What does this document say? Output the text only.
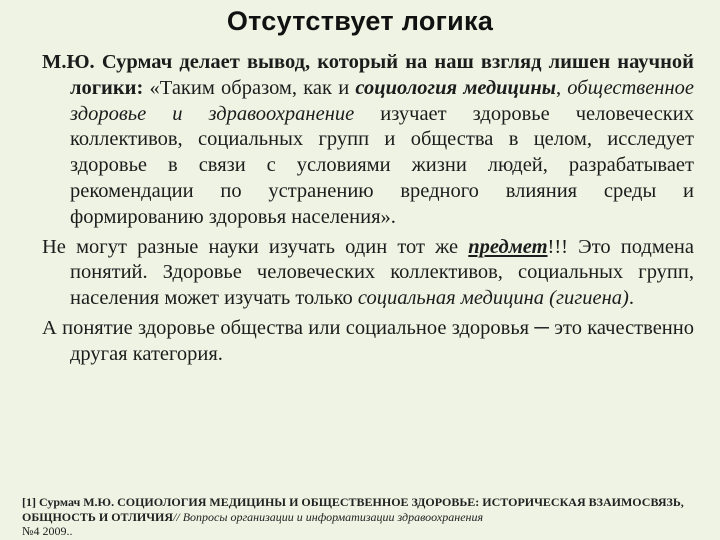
Отсутствует логика

М.Ю. Сурмач делает вывод, который на наш взгляд лишен научной логики: «Таким образом, как и социология медицины, общественное здоровье и здравоохранение изучает здоровье человеческих коллективов, социальных групп и общества в целом, исследует здоровье в связи с условиями жизни людей, разрабатывает рекомендации по устранению вредного влияния среды и формированию здоровья населения».

Не могут разные науки изучать один тот же предмет!!! Это подмена понятий. Здоровье человеческих коллективов, социальных групп, населения может изучать только социальная медицина (гигиена).

А понятие здоровье общества или социальное здоровья ─ это качественно другая категория.

[1] Сурмач М.Ю. СОЦИОЛОГИЯ МЕДИЦИНЫ И ОБЩЕСТВЕННОЕ ЗДОРОВЬЕ: ИСТОРИЧЕСКАЯ ВЗАИМОСВЯЗЬ, ОБЩНОСТЬ И ОТЛИЧИЯ// Вопросы организации и информатизации здравоохранения
№4 2009..
